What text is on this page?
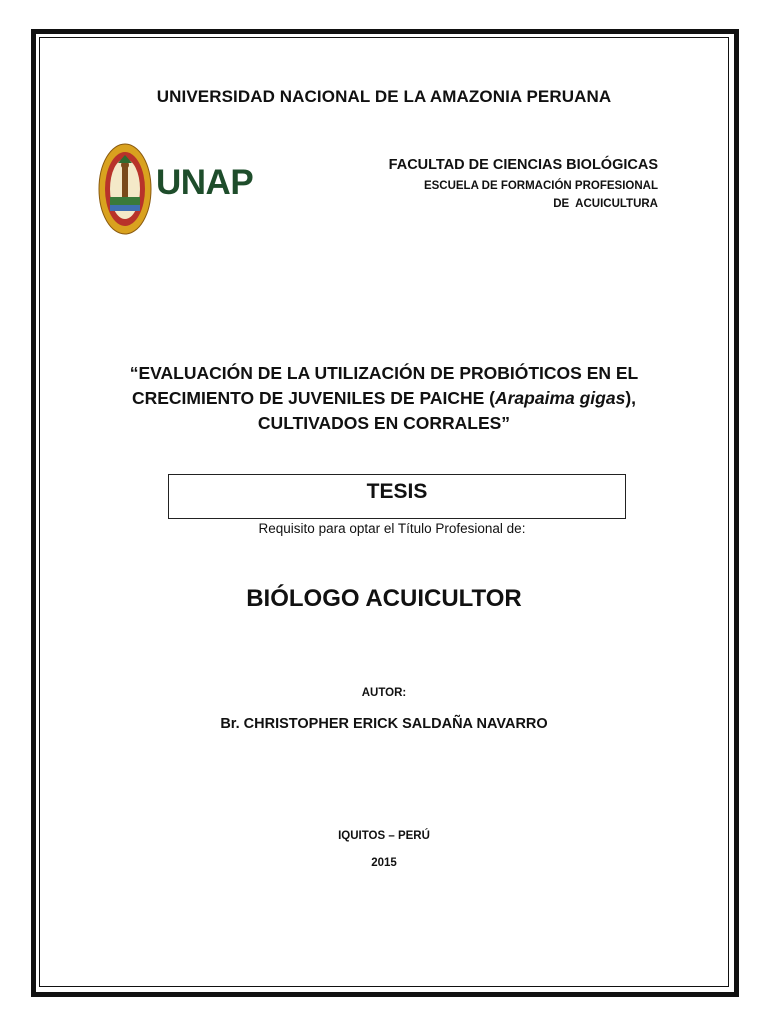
UNIVERSIDAD NACIONAL DE LA AMAZONIA PERUANA
UNAP	FACULTAD DE CIENCIAS BIOLÓGICAS
ESCUELA DE FORMACIÓN PROFESIONAL
DE  ACUICULTURA
“EVALUACIÓN DE LA UTILIZACIÓN DE PROBIÓTICOS EN EL
CRECIMIENTO DE JUVENILES DE PAICHE (Arapaima gigas),
CULTIVADOS EN CORRALES”
TESIS
Requisito para optar el Título Profesional de:
BIÓLOGO ACUICULTOR
AUTOR:
Br. CHRISTOPHER ERICK SALDAÑA NAVARRO
IQUITOS – PERÚ
2015
